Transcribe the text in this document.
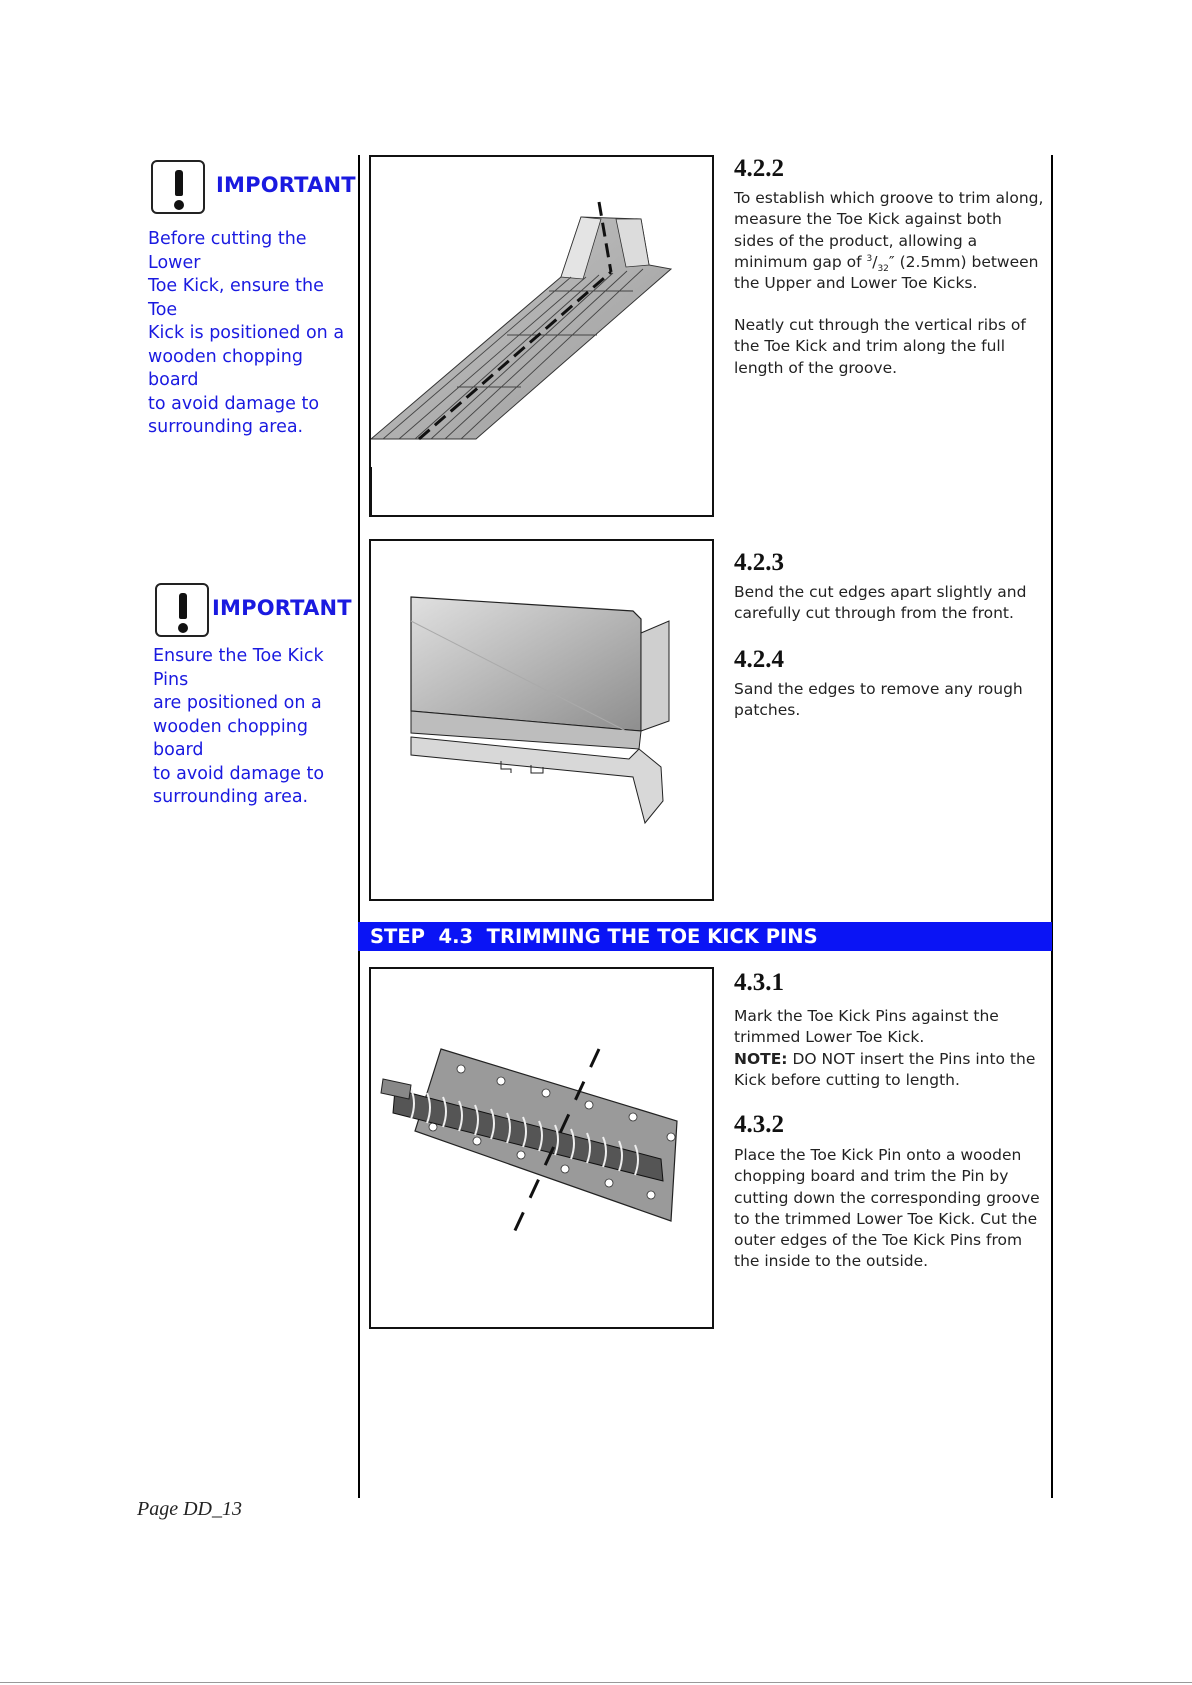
IMPORTANT
Before cutting the Lower
Toe Kick, ensure the Toe
Kick is positioned on a
wooden chopping board
to avoid damage to
surrounding area.
IMPORTANT
Ensure the Toe Kick Pins
are positioned on a
wooden chopping board
to avoid damage to
surrounding area.
4.2.2
To establish which groove to trim along, measure the Toe Kick against both sides of the product, allowing a minimum gap of $^3/_{32}''$ (2.5mm) between the Upper and Lower Toe Kicks.
Neatly cut through the vertical ribs of the Toe Kick and trim along the full length of the groove.
4.2.3
Bend the cut edges apart slightly and carefully cut through from the front.
4.2.4
Sand the edges to remove any rough patches.
STEP  4.3  TRIMMING THE TOE KICK PINS
4.3.1
Mark the Toe Kick Pins against the trimmed Lower Toe Kick.
NOTE: DO NOT insert the Pins into the Kick before cutting to length.
4.3.2
Place the Toe Kick Pin onto a wooden chopping board and trim the Pin by cutting down the corresponding groove to the trimmed Lower Toe Kick. Cut the outer edges of the Toe Kick Pins from the inside to the outside.
Page DD_13
